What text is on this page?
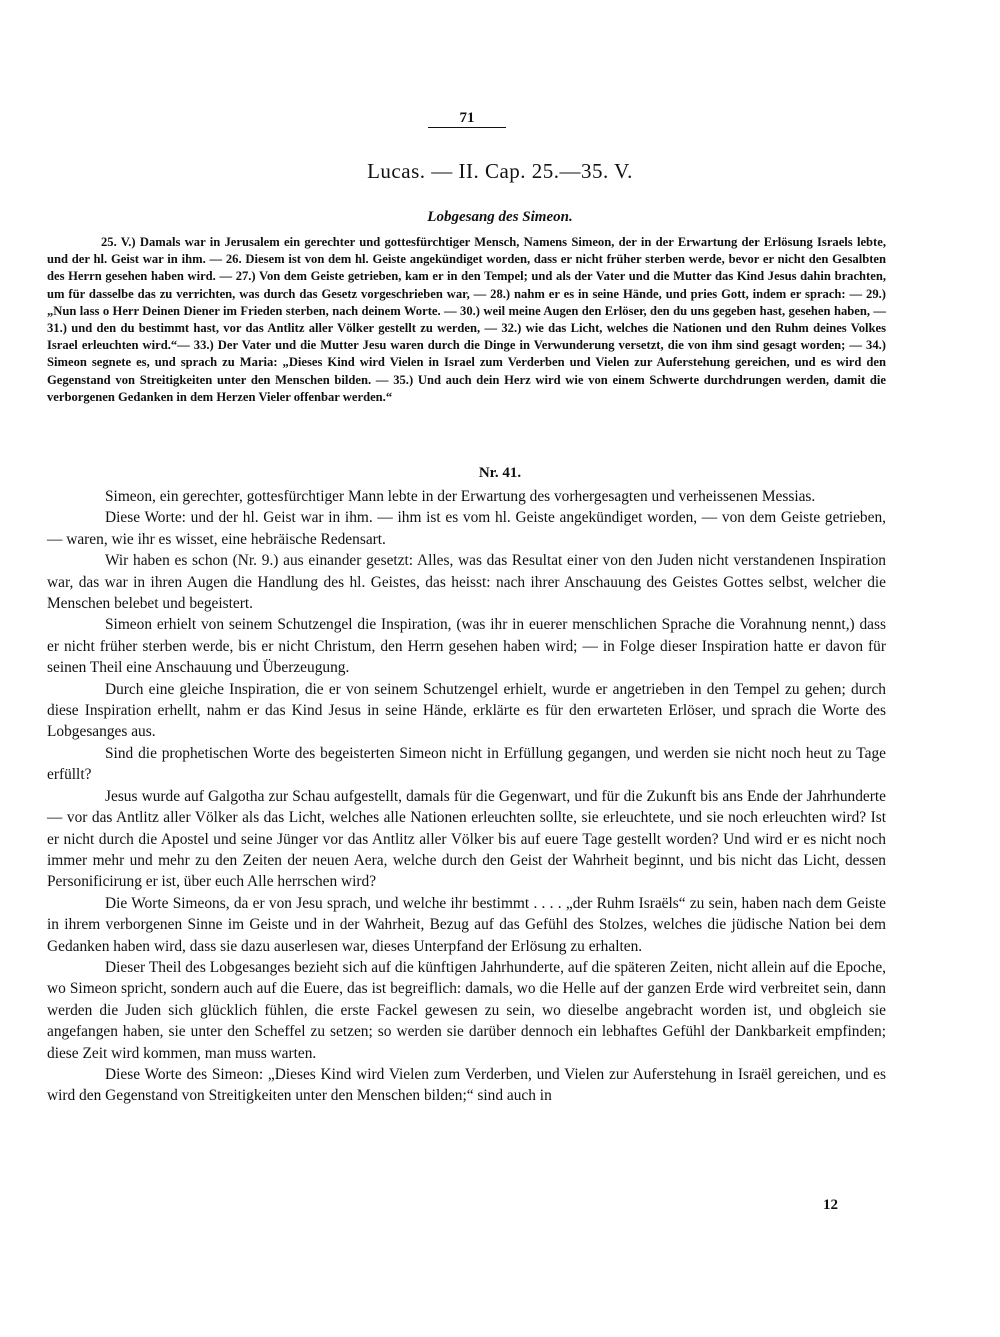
71
Lucas. — II. Cap. 25.—35. V.
Lobgesang des Simeon.

25. V.) Damals war in Jerusalem ein gerechter und gottesfürchtiger Mensch, Namens Simeon, der in der Erwartung der Erlösung Israels lebte, und der hl. Geist war in ihm. — 26. Diesem ist von dem hl. Geiste angekündiget worden, dass er nicht früher sterben werde, bevor er nicht den Gesalbten des Herrn gesehen haben wird. — 27.) Von dem Geiste getrieben, kam er in den Tempel; und als der Vater und die Mutter das Kind Jesus dahin brachten, um für dasselbe das zu verrichten, was durch das Gesetz vorgeschrieben war, — 28.) nahm er es in seine Hände, und pries Gott, indem er sprach: — 29.) „Nun lass o Herr Deinen Diener im Frieden sterben, nach deinem Worte. — 30.) weil meine Augen den Erlöser, den du uns gegeben hast, gesehen haben, — 31.) und den du bestimmt hast, vor das Antlitz aller Völker gestellt zu werden, — 32.) wie das Licht, welches die Nationen und den Ruhm deines Volkes Israel erleuchten wird.“— 33.) Der Vater und die Mutter Jesu waren durch die Dinge in Verwunderung versetzt, die von ihm sind gesagt worden; — 34.) Simeon segnete es, und sprach zu Maria: „Dieses Kind wird Vielen in Israel zum Verderben und Vielen zur Auferstehung gereichen, und es wird den Gegenstand von Streitigkeiten unter den Menschen bilden. — 35.) Und auch dein Herz wird wie von einem Schwerte durchdrungen werden, damit die verborgenen Gedanken in dem Herzen Vieler offenbar werden.“

Nr. 41.

Simeon, ein gerechter, gottesfürchtiger Mann lebte in der Erwartung des vorhergesagten und verheissenen Messias.

Diese Worte: und der hl. Geist war in ihm. — ihm ist es vom hl. Geiste angekündiget worden, — von dem Geiste getrieben, — waren, wie ihr es wisset, eine hebräische Redensart.

Wir haben es schon (Nr. 9.) aus einander gesetzt: Alles, was das Resultat einer von den Juden nicht verstandenen Inspiration war, das war in ihren Augen die Handlung des hl. Geistes, das heisst: nach ihrer Anschauung des Geistes Gottes selbst, welcher die Menschen belebet und begeistert.

Simeon erhielt von seinem Schutzengel die Inspiration, (was ihr in euerer menschlichen Sprache die Vorahnung nennt,) dass er nicht früher sterben werde, bis er nicht Christum, den Herrn gesehen haben wird; — in Folge dieser Inspiration hatte er davon für seinen Theil eine Anschauung und Überzeugung.

Durch eine gleiche Inspiration, die er von seinem Schutzengel erhielt, wurde er angetrieben in den Tempel zu gehen; durch diese Inspiration erhellt, nahm er das Kind Jesus in seine Hände, erklärte es für den erwarteten Erlöser, und sprach die Worte des Lobgesanges aus.

Sind die prophetischen Worte des begeisterten Simeon nicht in Erfüllung gegangen, und werden sie nicht noch heut zu Tage erfüllt?

Jesus wurde auf Galgotha zur Schau aufgestellt, damals für die Gegenwart, und für die Zukunft bis ans Ende der Jahrhunderte — vor das Antlitz aller Völker als das Licht, welches alle Nationen erleuchten sollte, sie erleuchtete, und sie noch erleuchten wird? Ist er nicht durch die Apostel und seine Jünger vor das Antlitz aller Völker bis auf euere Tage gestellt worden? Und wird er es nicht noch immer mehr und mehr zu den Zeiten der neuen Aera, welche durch den Geist der Wahrheit beginnt, und bis nicht das Licht, dessen Personificirung er ist, über euch Alle herrschen wird?

Die Worte Simeons, da er von Jesu sprach, und welche ihr bestimmt . . . . „der Ruhm Israëls“ zu sein, haben nach dem Geiste in ihrem verborgenen Sinne im Geiste und in der Wahrheit, Bezug auf das Gefühl des Stolzes, welches die jüdische Nation bei dem Gedanken haben wird, dass sie dazu auserlesen war, dieses Unterpfand der Erlösung zu erhalten.

Dieser Theil des Lobgesanges bezieht sich auf die künftigen Jahrhunderte, auf die späteren Zeiten, nicht allein auf die Epoche, wo Simeon spricht, sondern auch auf die Euere, das ist begreiflich: damals, wo die Helle auf der ganzen Erde wird verbreitet sein, dann werden die Juden sich glücklich fühlen, die erste Fackel gewesen zu sein, wo dieselbe angebracht worden ist, und obgleich sie angefangen haben, sie unter den Scheffel zu setzen; so werden sie darüber dennoch ein lebhaftes Gefühl der Dankbarkeit empfinden; diese Zeit wird kommen, man muss warten.

Diese Worte des Simeon: „Dieses Kind wird Vielen zum Verderben, und Vielen zur Auferstehung in Israël gereichen, und es wird den Gegenstand von Streitigkeiten unter den Menschen bilden;“ sind auch in

12
